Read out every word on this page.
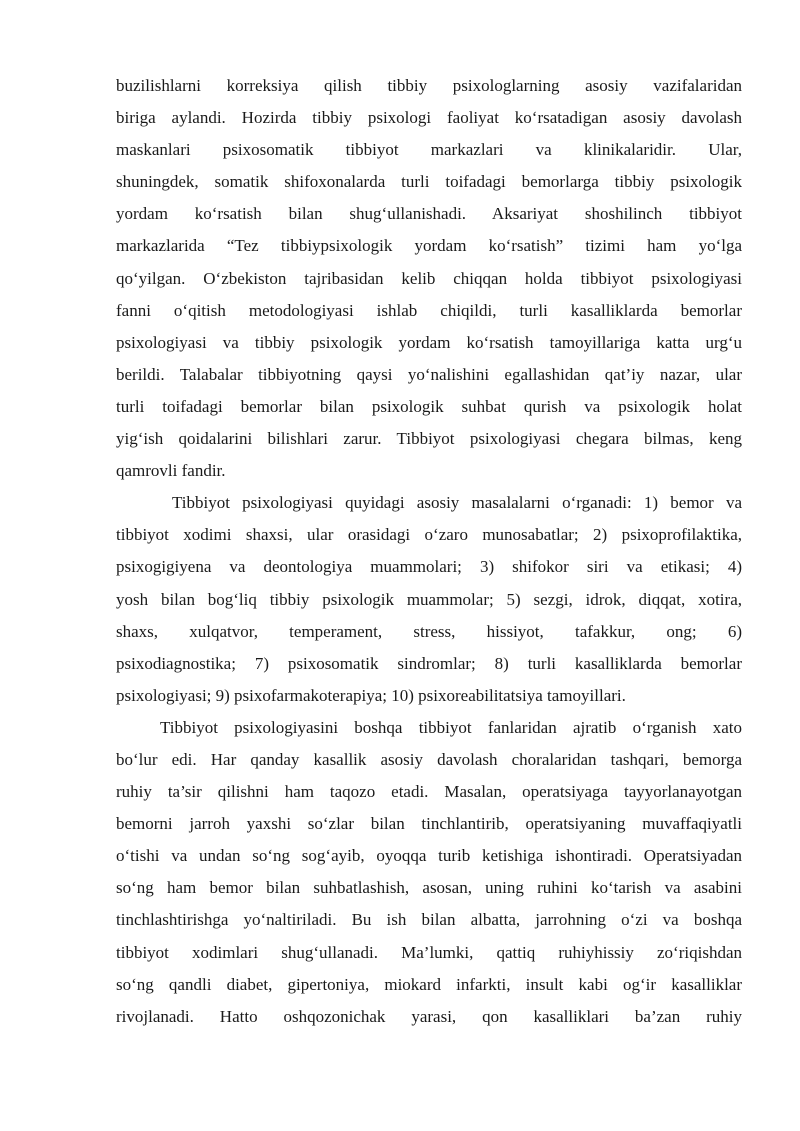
buzilishlarni korreksiya qilish tibbiy psixologlarning asosiy vazifalaridan
biriga aylandi. Hozirda tibbiy psixologi faoliyat ko‘rsatadigan asosiy davolash
maskanlari psixosomatik tibbiyot markazlari va klinikalaridir. Ular,
shuningdek, somatik shifoxonalarda turli toifadagi bemorlarga tibbiy psixologik
yordam ko‘rsatish bilan shug‘ullanishadi. Aksariyat shoshilinch tibbiyot
markazlarida “Tez tibbiypsixologik yordam ko‘rsatish” tizimi ham yo‘lga
qo‘yilgan. O‘zbekiston tajribasidan kelib chiqqan holda tibbiyot psixologiyasi
fanni o‘qitish metodologiyasi ishlab chiqildi, turli kasalliklarda bemorlar
psixologiyasi va tibbiy psixologik yordam ko‘rsatish tamoyillariga katta urg‘u
berildi. Talabalar tibbiyotning qaysi yo‘nalishini egallashidan qat’iy nazar, ular
turli toifadagi bemorlar bilan psixologik suhbat qurish va psixologik holat
yig‘ish qoidalarini bilishlari zarur. Tibbiyot psixologiyasi chegara bilmas, keng
qamrovli fandir.
Tibbiyot psixologiyasi quyidagi asosiy masalalarni o‘rganadi: 1) bemor va
tibbiyot xodimi shaxsi, ular orasidagi o‘zaro munosabatlar; 2) psixoprofilaktika,
psixogigiyena va deontologiya muammolari; 3) shifokor siri va etikasi; 4)
yosh bilan bog‘liq tibbiy psixologik muammolar; 5) sezgi, idrok, diqqat, xotira,
shaxs, xulqatvor, temperament, stress, hissiyot, tafakkur, ong; 6)
psixodiagnostika; 7) psixosomatik sindromlar; 8) turli kasalliklarda bemorlar
psixologiyasi; 9) psixofarmakoterapiya; 10) psixoreabilitatsiya tamoyillari.
Tibbiyot psixologiyasini boshqa tibbiyot fanlaridan ajratib o‘rganish xato
bo‘lur edi. Har qanday kasallik asosiy davolash choralaridan tashqari, bemorga
ruhiy ta’sir qilishni ham taqozo etadi. Masalan, operatsiyaga tayyorlanayotgan
bemorni jarroh yaxshi so‘zlar bilan tinchlantirib, operatsiyaning muvaffaqiyatli
o‘tishi va undan so‘ng sog‘ayib, oyoqqa turib ketishiga ishontiradi. Operatsiyadan
so‘ng ham bemor bilan suhbatlashish, asosan, uning ruhini ko‘tarish va asabini
tinchlashtirishga yo‘naltiriladi. Bu ish bilan albatta, jarrohning o‘zi va boshqa
tibbiyot xodimlari shug‘ullanadi. Ma’lumki, qattiq ruhiyhissiy zo‘riqishdan
so‘ng qandli diabet, gipertoniya, miokard infarkti, insult kabi og‘ir kasalliklar
rivojlanadi. Hatto oshqozonichak yarasi, qon kasalliklari ba’zan ruhiy
